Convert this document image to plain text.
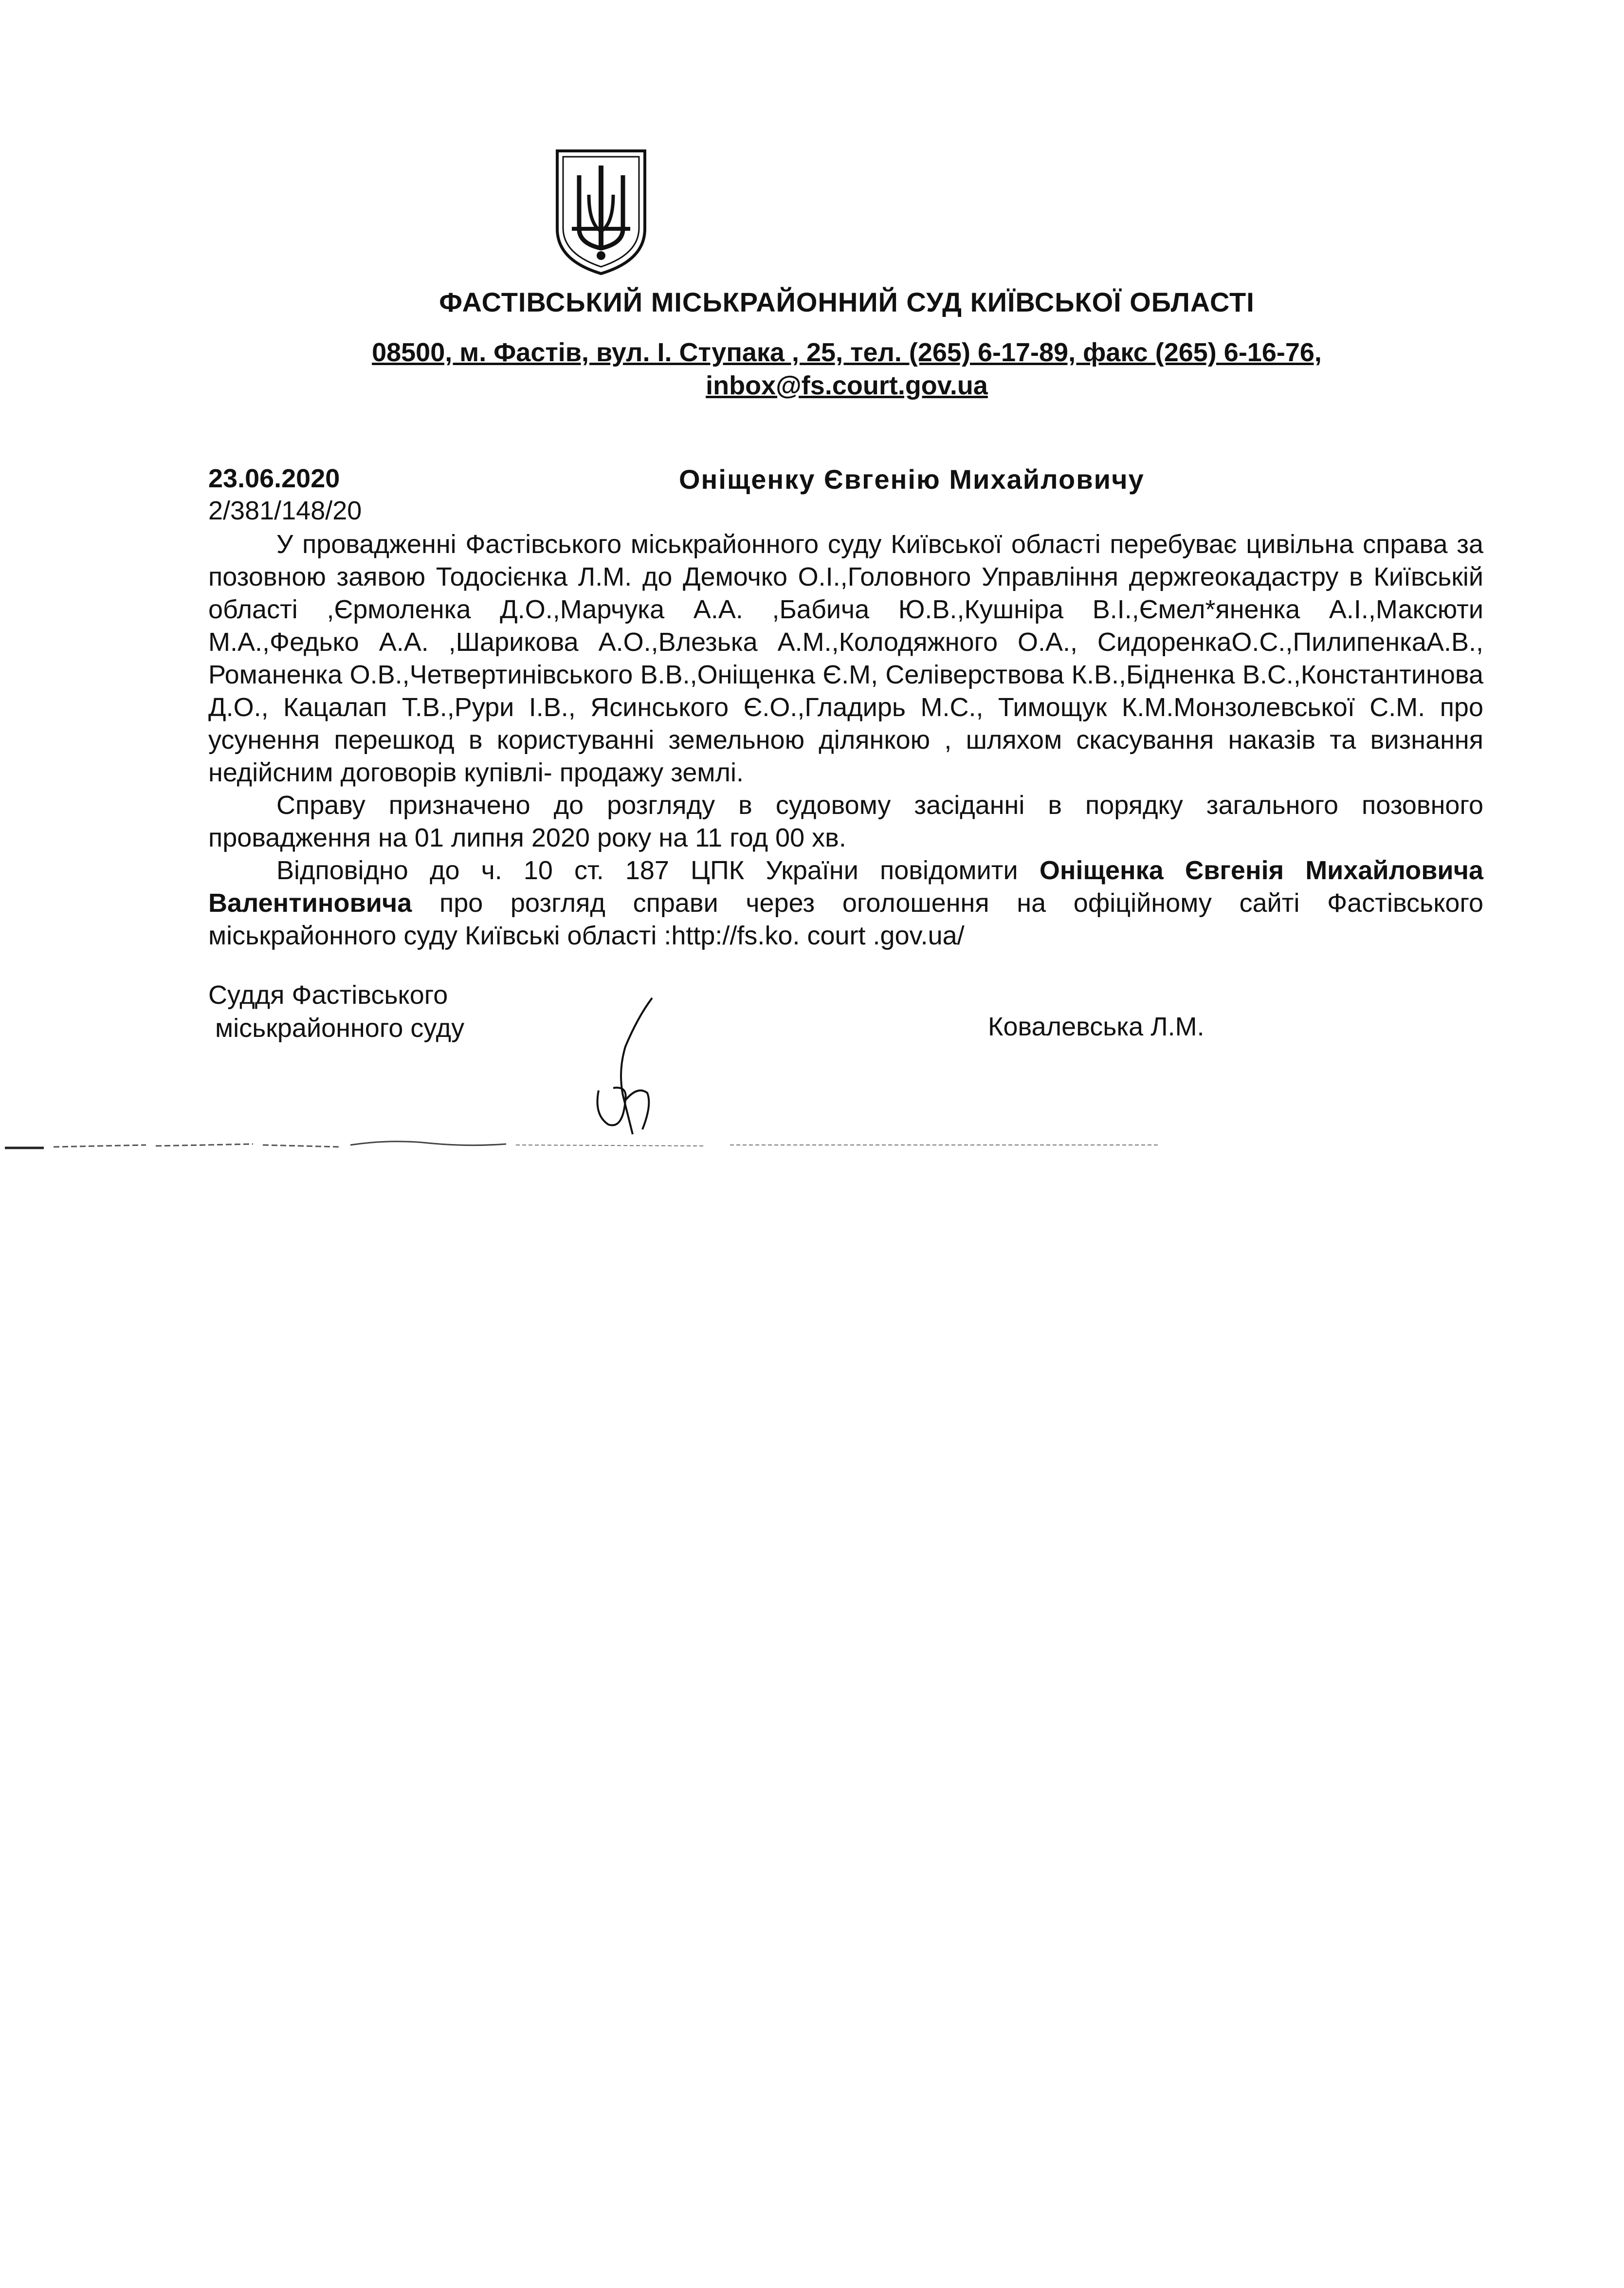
ФАСТІВСЬКИЙ МІСЬКРАЙОННИЙ СУД КИЇВСЬКОЇ ОБЛАСТІ
08500, м. Фастів, вул. І. Ступака , 25, тел. (265) 6-17-89, факс (265) 6-16-76,
inbox@fs.court.gov.ua
23.06.2020
2/381/148/20
Оніщенку Євгенію Михайловичу

У провадженні Фастівського міськрайонного суду Київської області перебуває цивільна справа за позовною заявою Тодосієнка Л.М. до Демочко О.І.,Головного Управління держгеокадастру в Київській області ,Єрмоленка Д.О.,Марчука А.А. ,Бабича Ю.В.,Кушніра В.І.,Ємел*яненка А.І.,Максюти М.А.,Федько А.А. ,Шарикова А.О.,Влезька А.М.,Колодяжного О.А., СидоренкаО.С.,ПилипенкаА.В., Романенка О.В.,Четвертинівського В.В.,Оніщенка Є.М, Селіверствова К.В.,Бідненка В.С.,Константинова Д.О., Кацалап Т.В.,Рури І.В., Ясинського Є.О.,Гладирь М.С., Тимощук К.М.Монзолевської С.М. про усунення перешкод в користуванні земельною ділянкою , шляхом скасування наказів та визнання недійсним договорів купівлі- продажу землі.

Справу призначено до розгляду в судовому засіданні в порядку загального позовного провадження на 01 липня 2020 року на 11 год 00 хв.

Відповідно до ч. 10 ст. 187 ЦПК України повідомити Оніщенка Євгенія Михайловича Валентиновича про розгляд справи через оголошення на офіційному сайті Фастівського міськрайонного суду Київські області :http://fs.ko. court .gov.ua/

Суддя Фастівського
міськрайонного суду	Ковалевська Л.М.
